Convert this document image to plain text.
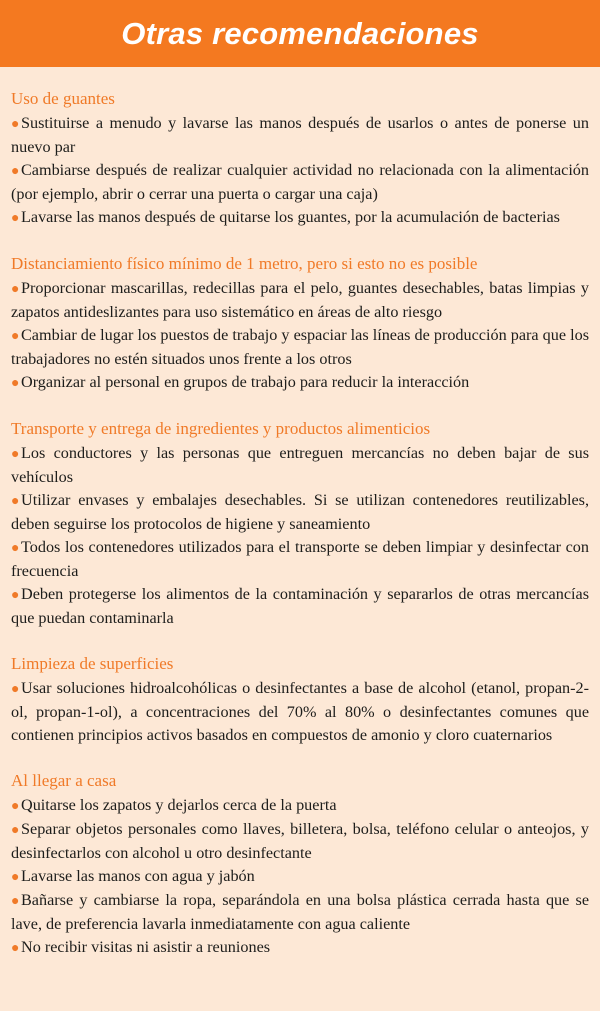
Otras recomendaciones
Uso de guantes
●Sustituirse a menudo y lavarse las manos después de usarlos o antes de ponerse un nuevo par
●Cambiarse después de realizar cualquier actividad no relacionada con la alimentación (por ejemplo, abrir o cerrar una puerta o cargar una caja)
●Lavarse las manos después de quitarse los guantes, por la acumulación de bacterias
Distanciamiento físico mínimo de 1 metro, pero si esto no es posible
●Proporcionar mascarillas, redecillas para el pelo, guantes desechables, batas limpias y zapatos antideslizantes para uso sistemático en áreas de alto riesgo
●Cambiar de lugar los puestos de trabajo y espaciar las líneas de producción para que los trabajadores no estén situados unos frente a los otros
●Organizar al personal en grupos de trabajo para reducir la interacción
Transporte y entrega de ingredientes y productos alimenticios
●Los conductores y las personas que entreguen mercancías no deben bajar de sus vehículos
●Utilizar envases y embalajes desechables. Si se utilizan contenedores reutilizables, deben seguirse los protocolos de higiene y saneamiento
●Todos los contenedores utilizados para el transporte se deben limpiar y desinfectar con frecuencia
●Deben protegerse los alimentos de la contaminación y separarlos de otras mercancías que puedan contaminarla
Limpieza de superficies
●Usar soluciones hidroalcohólicas o desinfectantes a base de alcohol (etanol, propan-2-ol, propan-1-ol), a concentraciones del 70% al 80% o desinfectantes comunes que contienen principios activos basados en compuestos de amonio y cloro cuaternarios
Al llegar a casa
●Quitarse los zapatos y dejarlos cerca de la puerta
●Separar objetos personales como llaves, billetera, bolsa, teléfono celular o anteojos, y desinfectarlos con alcohol u otro desinfectante
●Lavarse las manos con agua y jabón
●Bañarse y cambiarse la ropa, separándola en una bolsa plástica cerrada hasta que se lave, de preferencia lavarla inmediatamente con agua caliente
●No recibir visitas ni asistir a reuniones
